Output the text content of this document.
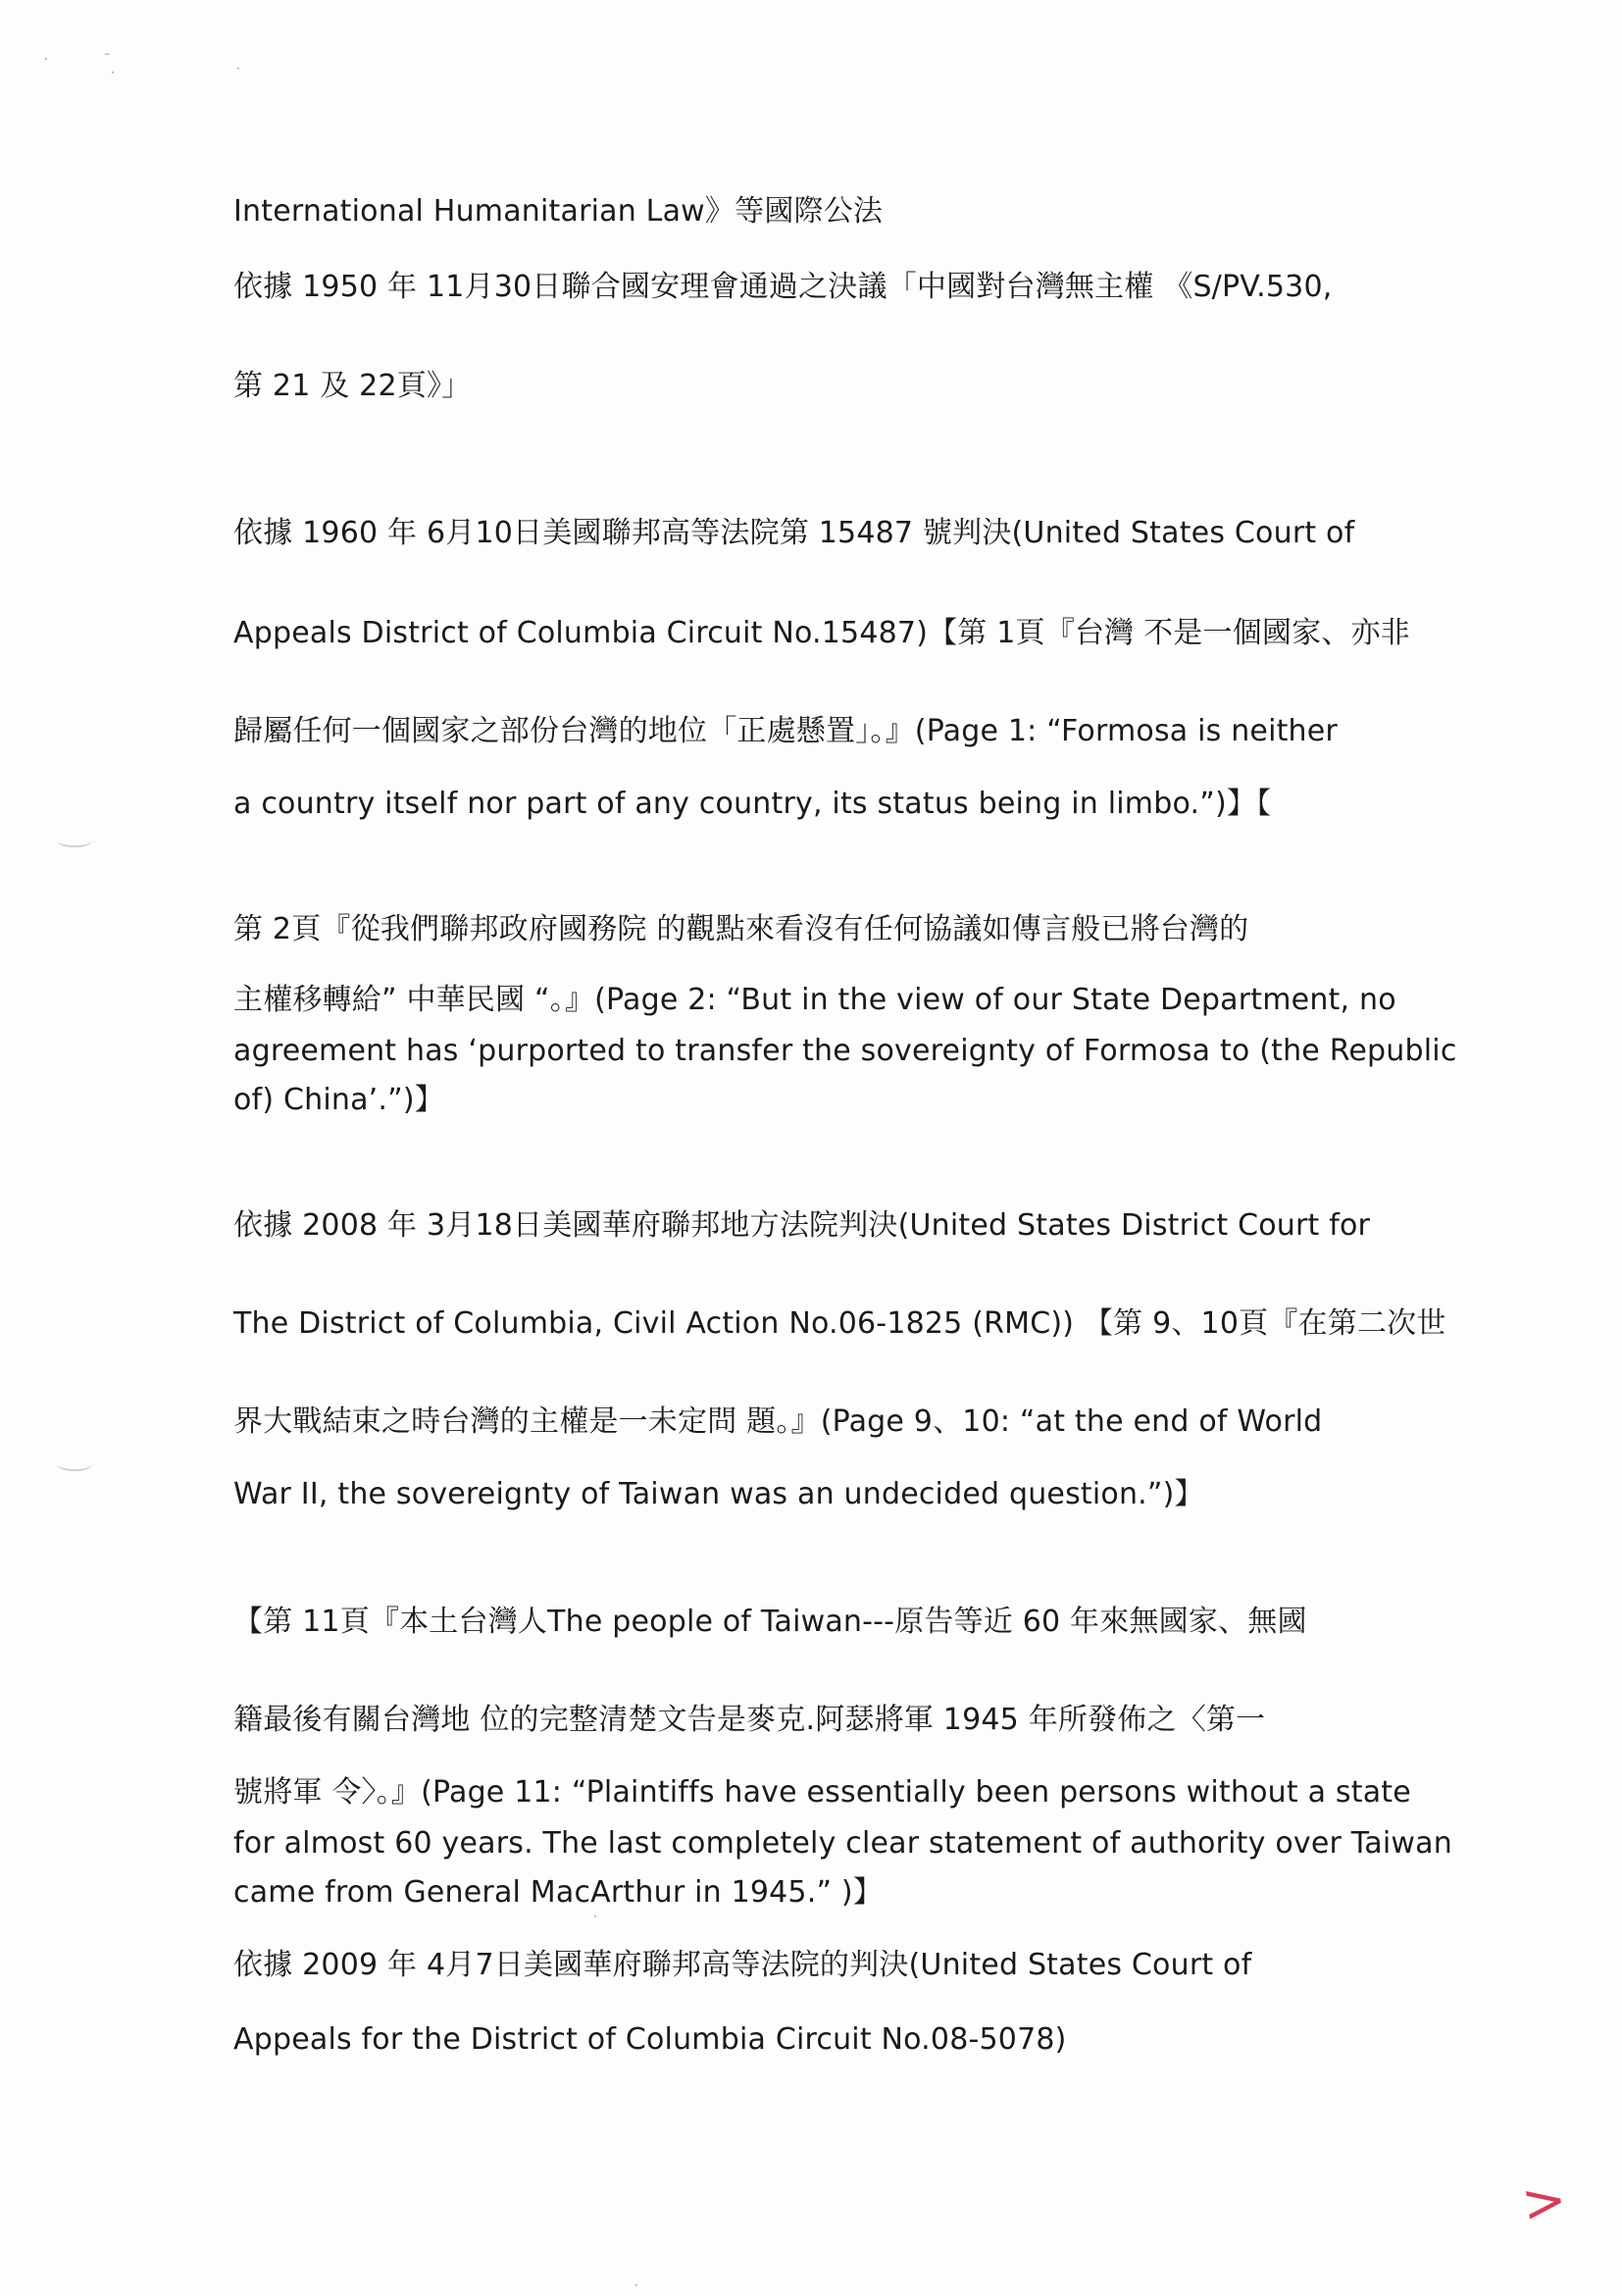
·	‐
·	·
·
·
International Humanitarian Law》等國際公法
依據 1950 年 11月30日聯合國安理會通過之決議「中國對台灣無主權 《S/PV.530,
第 21 及 22頁》」
依據 1960 年 6月10日美國聯邦高等法院第 15487 號判決(United States Court of
Appeals District of Columbia Circuit No.15487)【第 1頁『台灣 不是一個國家、亦非
歸屬任何一個國家之部份台灣的地位「正處懸置」。』(Page 1: “Formosa is neither
a country itself nor part of any country, its status being in limbo.”)】【
第 2頁『從我們聯邦政府國務院 的觀點來看沒有任何協議如傳言般已將台灣的
主權移轉給” 中華民國 “。』(Page 2: “But in the view of our State Department, no
agreement has ‘purported to transfer the sovereignty of Formosa to (the Republic
of) China’.”)】
依據 2008 年 3月18日美國華府聯邦地方法院判決(United States District Court for
The District of Columbia, Civil Action No.06-1825 (RMC)) 【第 9、10頁『在第二次世
界大戰結束之時台灣的主權是一未定問 題。』(Page 9、10: “at the end of World
War II, the sovereignty of Taiwan was an undecided question.”)】
【第 11頁『本土台灣人The people of Taiwan---原告等近 60 年來無國家、無國
籍最後有關台灣地 位的完整清楚文告是麥克.阿瑟將軍 1945 年所發佈之〈第一
號將軍 令〉。』(Page 11: “Plaintiffs have essentially been persons without a state
for almost 60 years. The last completely clear statement of authority over Taiwan
came from General MacArthur in 1945.” )】
依據 2009 年 4月7日美國華府聯邦高等法院的判決(United States Court of
Appeals for the District of Columbia Circuit No.08-5078)
>
